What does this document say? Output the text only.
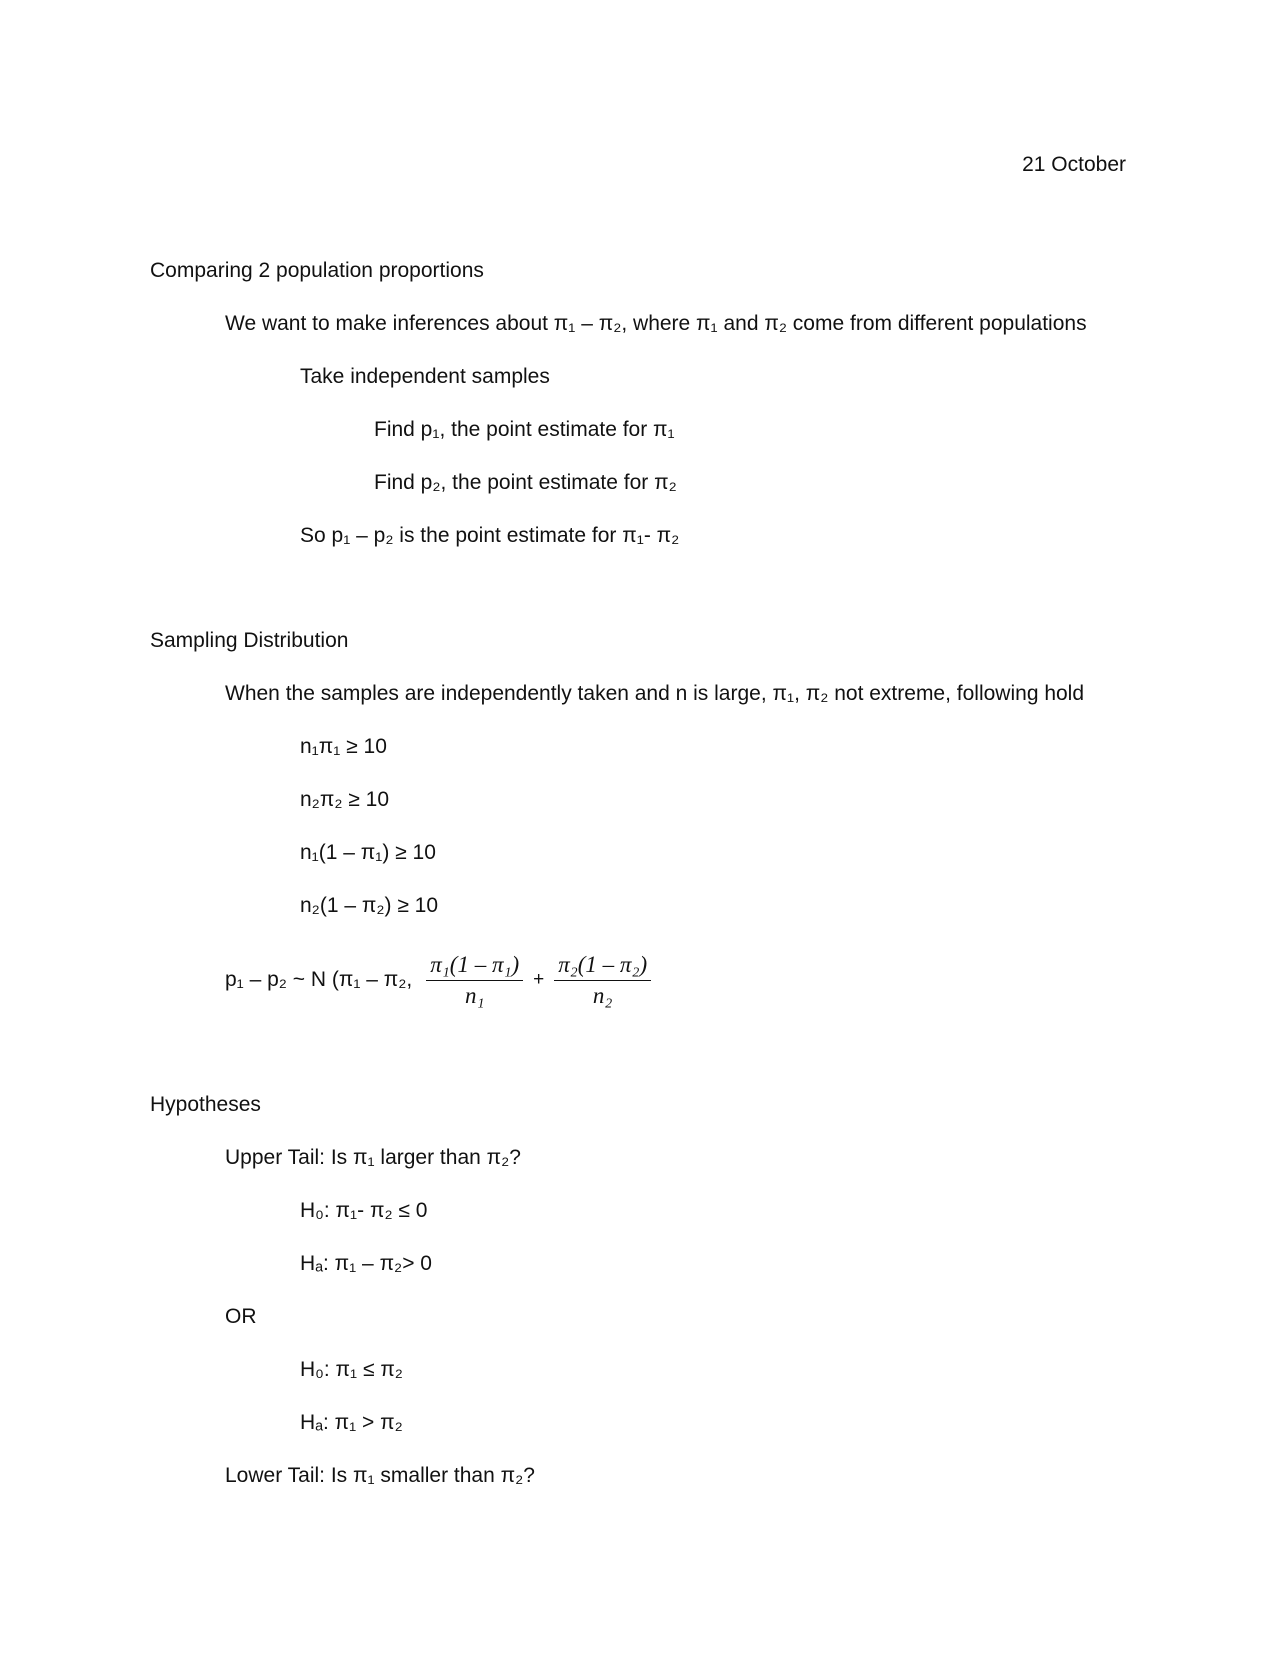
21 October
Comparing 2 population proportions
We want to make inferences about π₁ – π₂, where π₁ and π₂ come from different populations
Take independent samples
Find p₁, the point estimate for π₁
Find p₂, the point estimate for π₂
So p₁ – p₂ is the point estimate for π₁- π₂
Sampling Distribution
When the samples are independently taken and n is large, π₁, π₂ not extreme, following hold
n₁π₁ ≥ 10
n₂π₂ ≥ 10
n₁(1 – π₁) ≥ 10
n₂(1 – π₂) ≥ 10
p₁ – p₂ ~ N (π₁ – π₂, $\frac{\text{π₁(1 – π₁)}}{\text{n₁}} + \frac{\text{π₂(1 – π₂)}}{\text{n₂}}$
Hypotheses
Upper Tail: Is π₁ larger than π₂?
H₀: π₁- π₂ ≤ 0
Hₐ: π₁ – π₂> 0
OR
H₀: π₁ ≤ π₂
Hₐ: π₁ > π₂
Lower Tail: Is π₁ smaller than π₂?
